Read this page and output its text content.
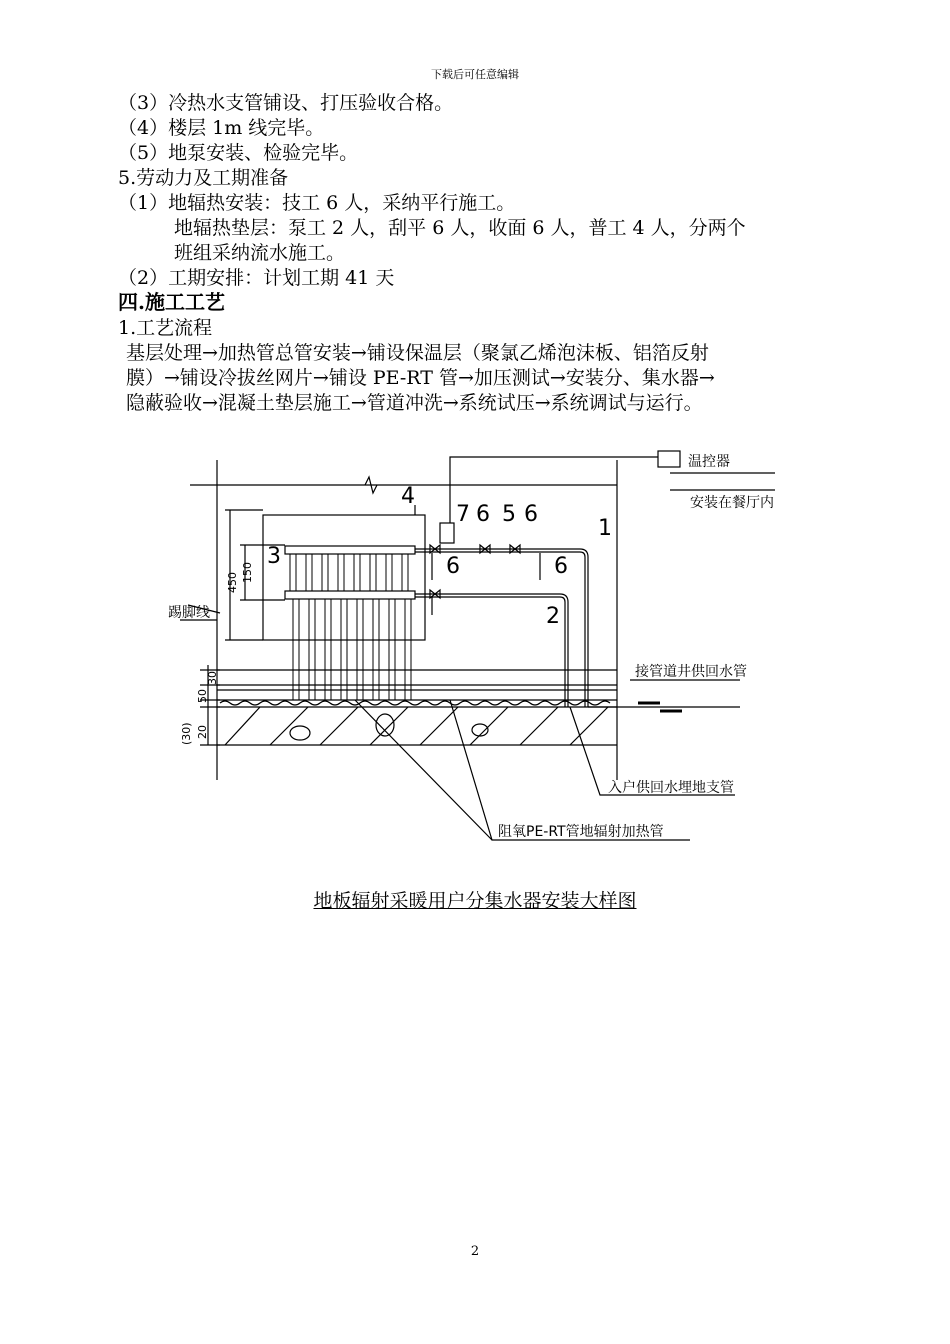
下载后可任意编辑
（3）冷热水支管铺设、打压验收合格。
（4）楼层 1m 线完毕。
（5）地泵安装、检验完毕。
5.劳动力及工期准备
（1）地辐热安装：技工 6 人，采纳平行施工。
地辐热垫层：泵工 2 人，刮平 6 人，收面 6 人，普工 4 人，分两个
班组采纳流水施工。
（2）工期安排：计划工期 41 天
四.施工工艺
1.工艺流程
基层处理→加热管总管安装→铺设保温层（聚氯乙烯泡沫板、铝箔反射
膜）→铺设冷拔丝网片→铺设 PE-RT 管→加压测试→安装分、集水器→
隐蔽验收→混凝土垫层施工→管道冲洗→系统试压→系统调试与运行。
温控器
安装在餐厅内
踢脚线
接管道井供回水管
入户供回水埋地支管
阻氧PE-RT管地辐射加热管
4
3
7 6 5 6
1
6	6
2
450 150
30
50
20
(30)
地板辐射采暖用户分集水器安装大样图
2
